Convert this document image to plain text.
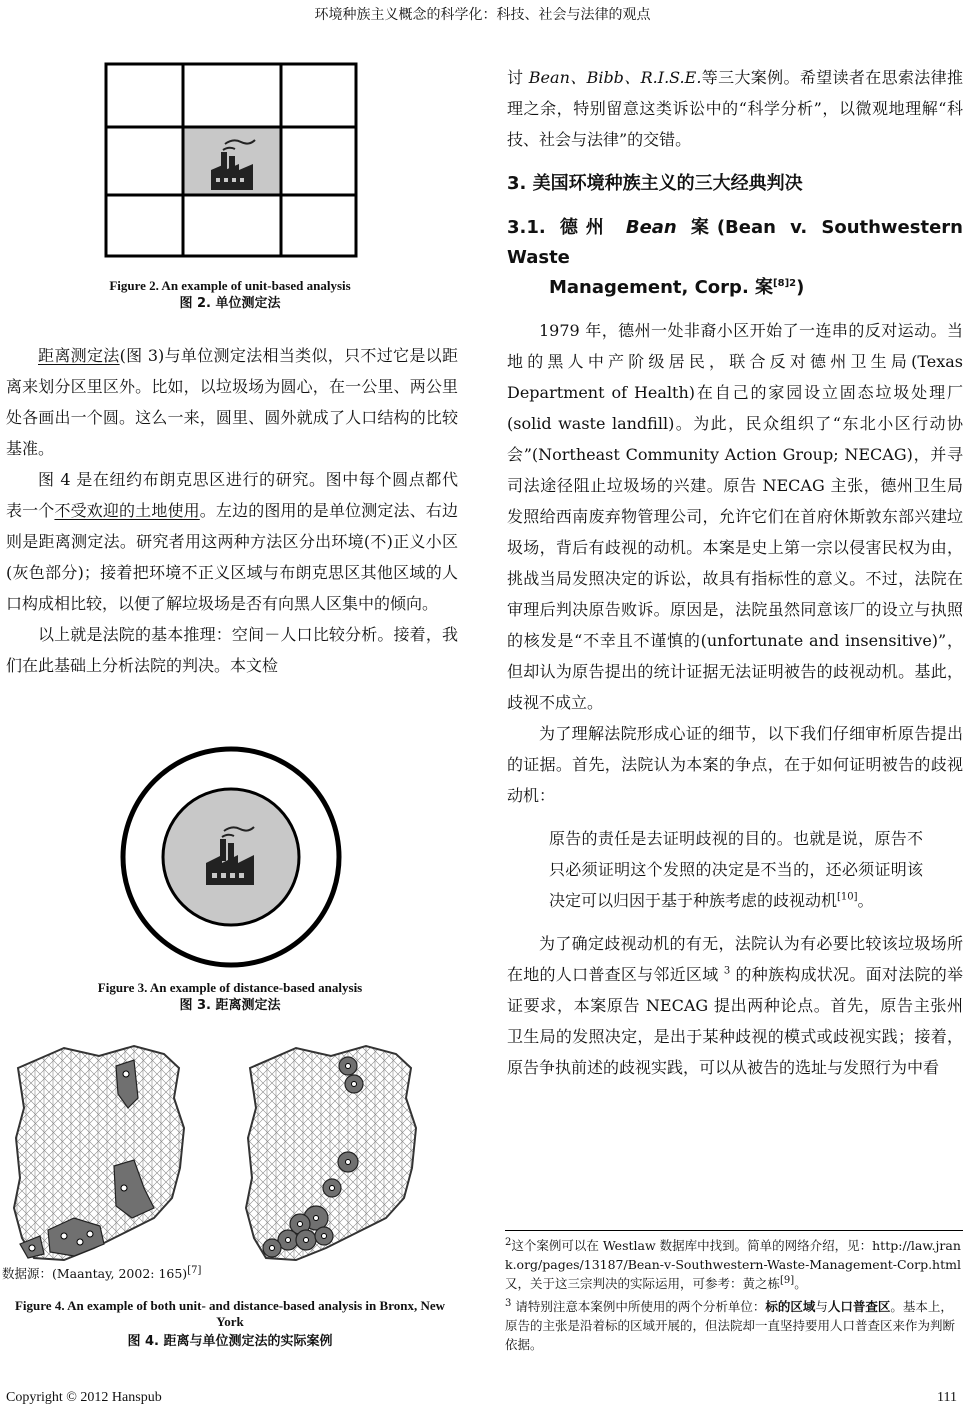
环境种族主义概念的科学化：科技、社会与法律的观点
Figure 2. An example of unit-based analysis
图 2. 单位测定法

距离测定法(图 3)与单位测定法相当类似，只不过它是以距离来划分区里区外。比如，以垃圾场为圆心，在一公里、两公里处各画出一个圆。这么一来，圆里、圆外就成了人口结构的比较基准。

图 4 是在纽约布朗克思区进行的研究。图中每个圆点都代表一个不受欢迎的土地使用。左边的图用的是单位测定法、右边则是距离测定法。研究者用这两种方法区分出环境(不)正义小区(灰色部分)；接着把环境不正义区域与布朗克思区其他区域的人口构成相比较，以便了解垃圾场是否有向黑人区集中的倾向。

以上就是法院的基本推理：空间－人口比较分析。接着，我们在此基础上分析法院的判决。本文检

Figure 3. An example of distance-based analysis
图 3. 距离测定法
数据源：(Maantay, 2002: 165)[7]
Figure 4. An example of both unit- and distance-based analysis in Bronx, New York
图 4. 距离与单位测定法的实际案例

讨 Bean、Bibb、R.I.S.E.等三大案例。希望读者在思索法律推理之余，特别留意这类诉讼中的“科学分析”，以微观地理解“科技、社会与法律”的交错。

3. 美国环境种族主义的三大经典判决
3.1. 德州 Bean 案(Bean v. Southwestern Waste
Management, Corp. 案$^{[8]2}$)

1979 年，德州一处非裔小区开始了一连串的反对运动。当地的黑人中产阶级居民，联合反对德州卫生局(Texas Department of Health)在自己的家园设立固态垃圾处理厂(solid waste landfill)。为此，民众组织了“东北小区行动协会”(Northeast Community Action Group; NECAG)，并寻司法途径阻止垃圾场的兴建。原告 NECAG 主张，德州卫生局发照给西南废弃物管理公司，允许它们在首府休斯敦东部兴建垃圾场，背后有歧视的动机。本案是史上第一宗以侵害民权为由，挑战当局发照决定的诉讼，故具有指标性的意义。不过，法院在审理后判决原告败诉。原因是，法院虽然同意该厂的设立与执照的核发是“不幸且不谨慎的(unfortunate and insensitive)”，但却认为原告提出的统计证据无法证明被告的歧视动机。基此，歧视不成立。

为了理解法院形成心证的细节，以下我们仔细审析原告提出的证据。首先，法院认为本案的争点，在于如何证明被告的歧视动机：

原告的责任是去证明歧视的目的。也就是说，原告不只必须证明这个发照的决定是不当的，还必须证明该决定可以归因于基于种族考虑的歧视动机[10]。

为了确定歧视动机的有无，法院认为有必要比较该垃圾场所在地的人口普查区与邻近区域 $^3$ 的种族构成状况。面对法院的举证要求，本案原告 NECAG 提出两种论点。首先，原告主张州卫生局的发照决定，是出于某种歧视的模式或歧视实践；接着，原告争执前述的歧视实践，可以从被告的选址与发照行为中看

$^2$这个案例可以在 Westlaw 数据库中找到。简单的网络介绍，见：http://law.jrank.org/pages/13187/Bean-v-Southwestern-Waste-Management-Corp.html 又，关于这三宗判决的实际运用，可参考：黄之栋[9]。
$^3$ 请特别注意本案例中所使用的两个分析单位：标的区域与人口普查区。基本上，原告的主张是沿着标的区域开展的，但法院却一直坚持要用人口普查区来作为判断依据。
Copyright © 2012 Hanspub	111
